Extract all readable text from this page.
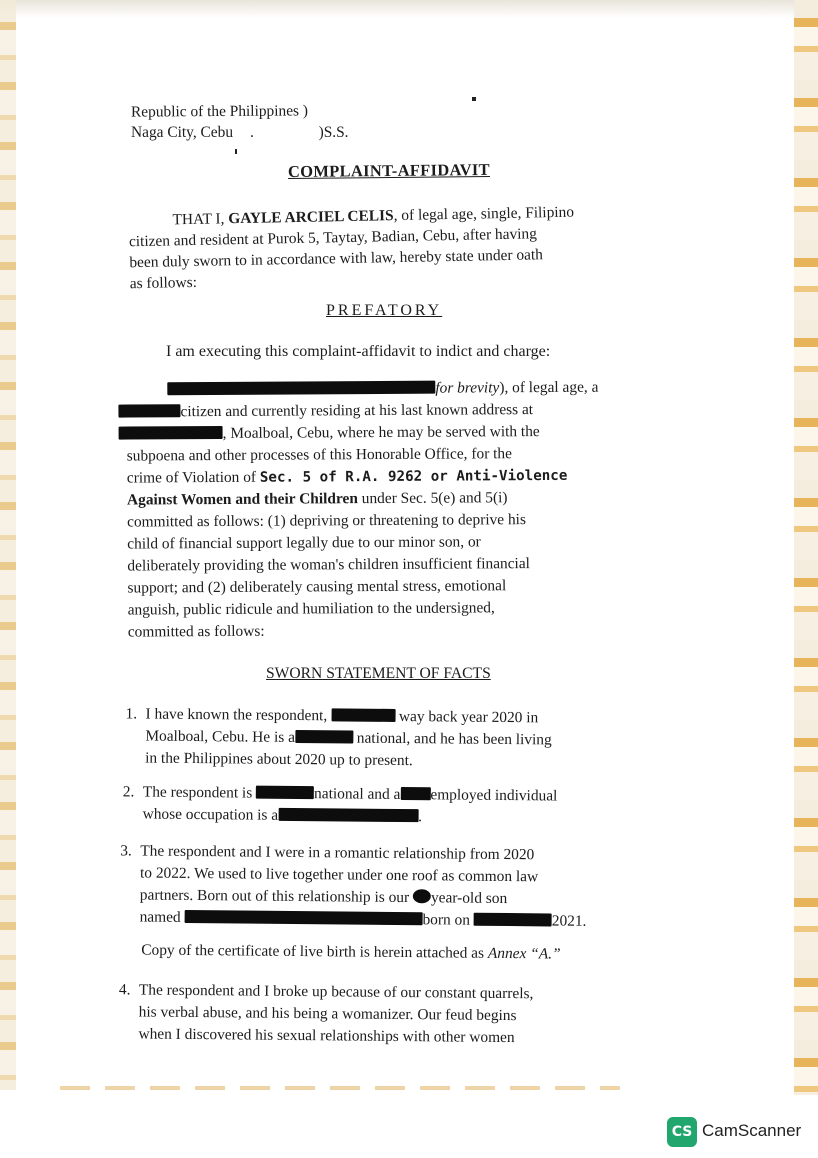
Republic of the Philippines )
Naga City, Cebu .	)S.S.
COMPLAINT-AFFIDAVIT
THAT I, GAYLE ARCIEL CELIS, of legal age, single, Filipino
citizen and resident at Purok 5, Taytay, Badian, Cebu, after having
been duly sworn to in accordance with law, hereby state under oath
as follows:
PREFATORY
I am executing this complaint-affidavit to indict and charge:
for brevity), of legal age, a
citizen and currently residing at his last known address at
, Moalboal, Cebu, where he may be served with the
subpoena and other processes of this Honorable Office, for the
crime of Violation of Sec. 5 of R.A. 9262 or Anti-Violence
Against Women and their Children under Sec. 5(e) and 5(i)
committed as follows: (1) depriving or threatening to deprive his
child of financial support legally due to our minor son, or
deliberately providing the woman's children insufficient financial
support; and (2) deliberately causing mental stress, emotional
anguish, public ridicule and humiliation to the undersigned,
committed as follows:
SWORN STATEMENT OF FACTS
1. I have known the respondent,	way back year 2020 in
Moalboal, Cebu. He is a	national, and he has been living
in the Philippines about 2020 up to present.
2. The respondent is	national and a employed individual
whose occupation is a	.
3. The respondent and I were in a romantic relationship from 2020
to 2022. We used to live together under one roof as common law
partners. Born out of this relationship is our year-old son
named	born on	2021.
Copy of the certificate of live birth is herein attached as Annex “A.”
4. The respondent and I broke up because of our constant quarrels,
his verbal abuse, and his being a womanizer. Our feud begins
when I discovered his sexual relationships with other women
CS CamScanner
